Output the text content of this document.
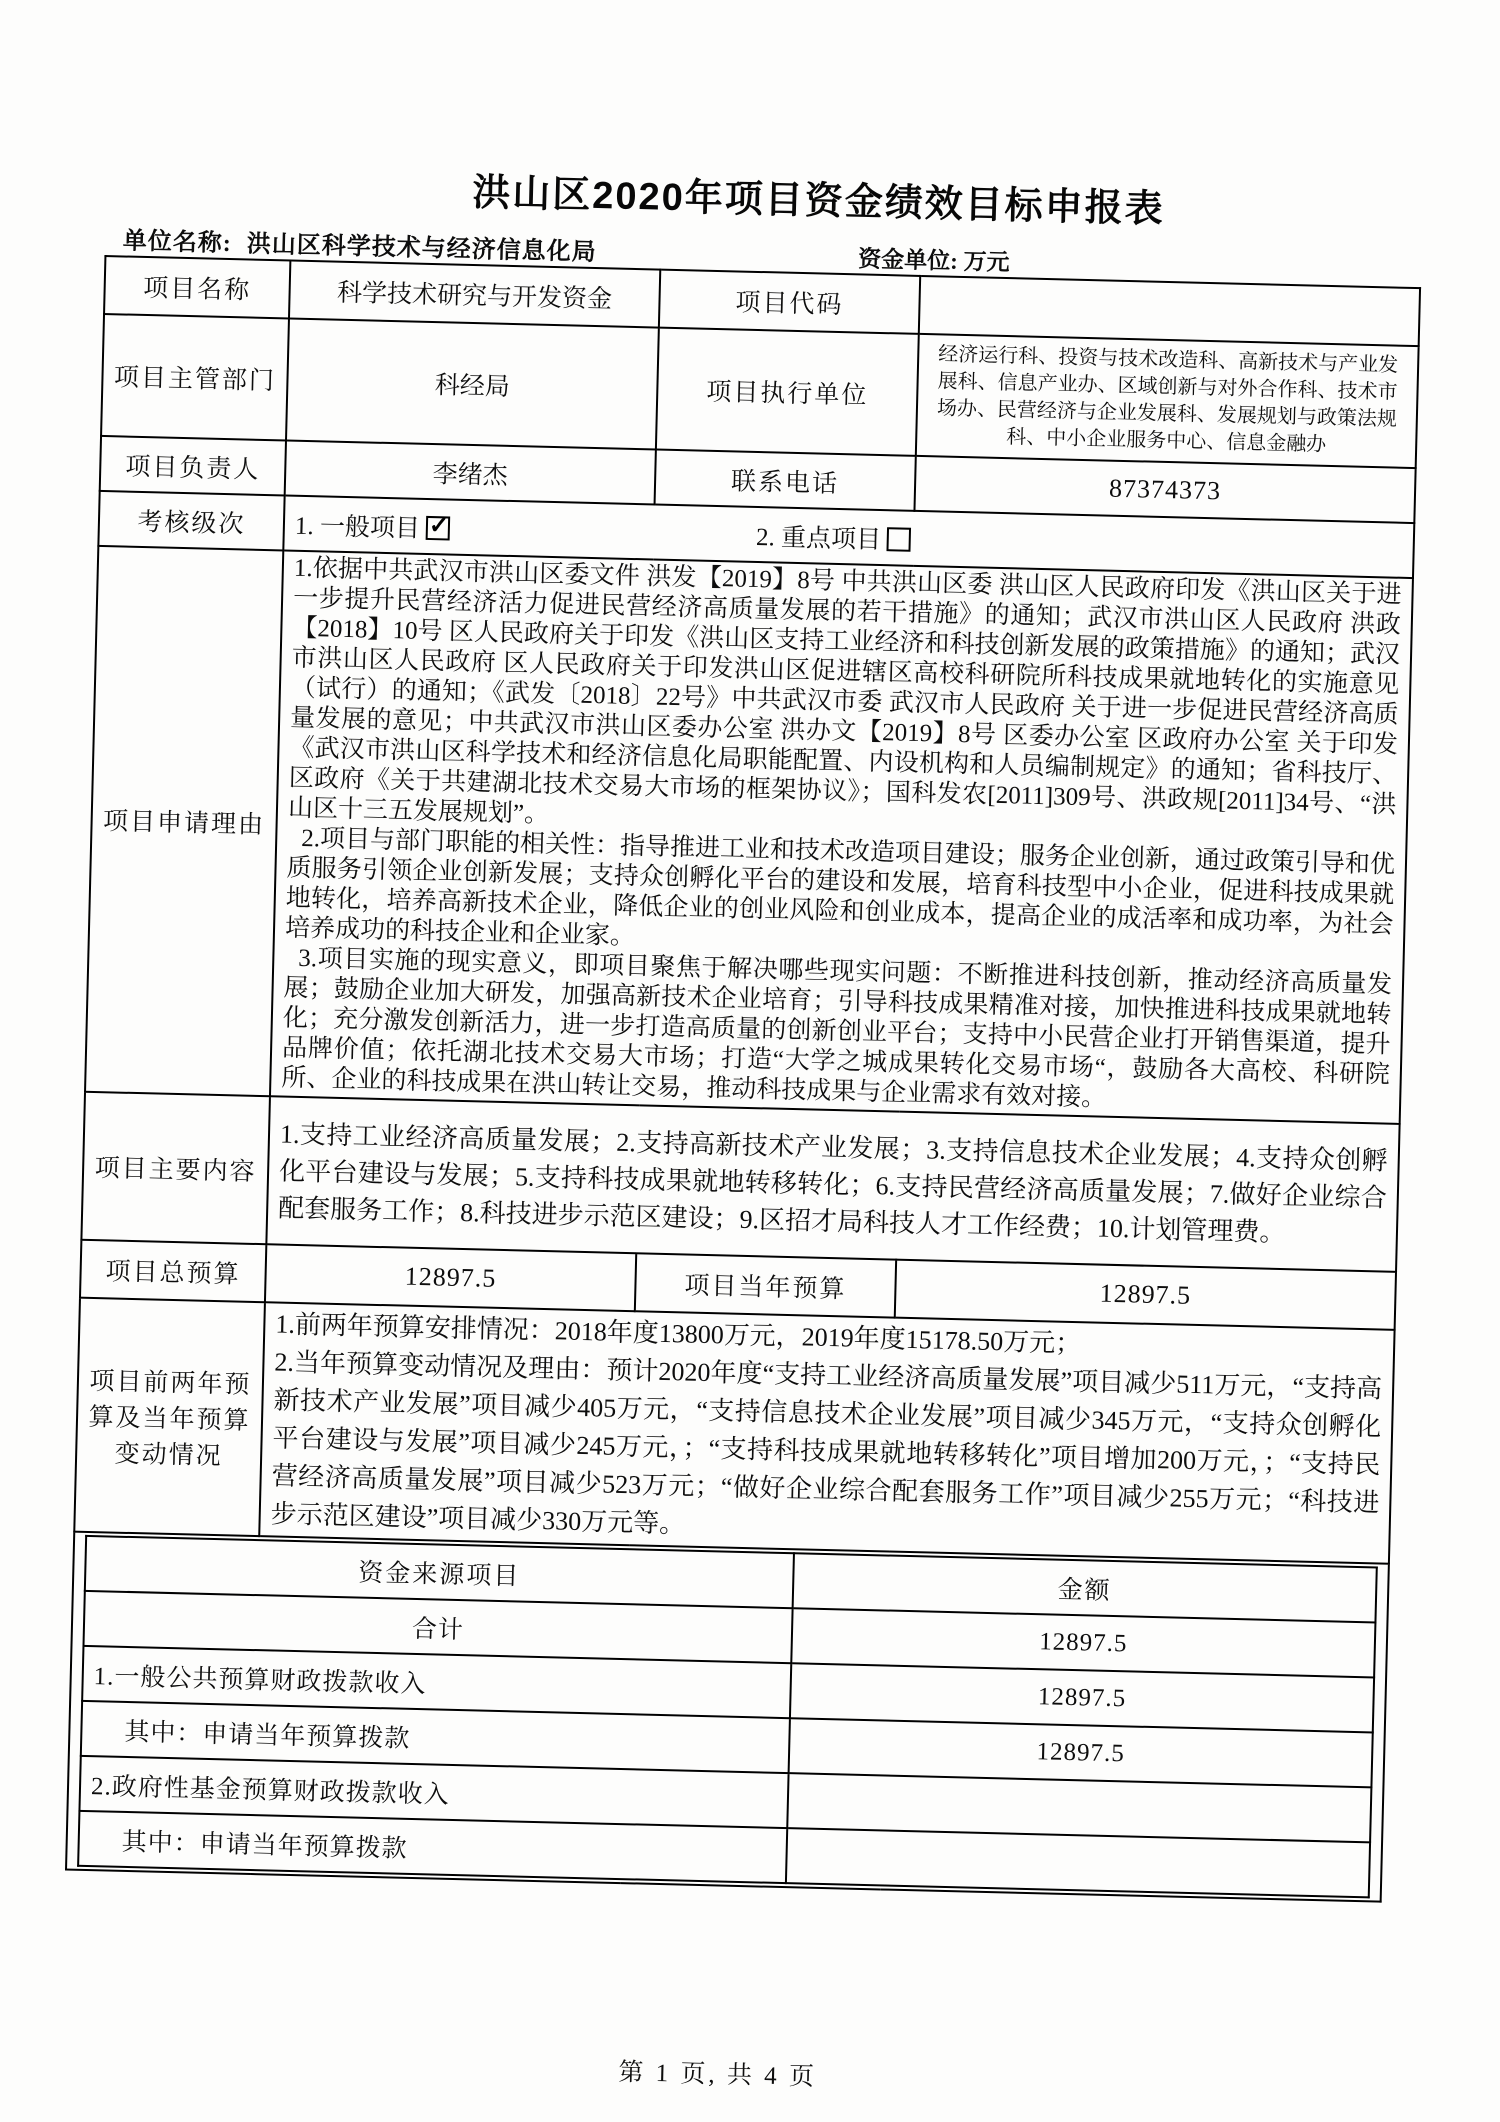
洪山区2020年项目资金绩效目标申报表
单位名称: 洪山区科学技术与经济信息化局	资金单位: 万元
项目名称	科学技术研究与开发资金	项目代码	
项目主管部门	科经局	项目执行单位	经济运行科、投资与技术改造科、高新技术与产业发展科、信息产业办、区域创新与对外合作科、技术市场办、民营经济与企业发展科、发展规划与政策法规科、中小企业服务中心、信息金融办
项目负责人	李绪杰	联系电话	87374373
考核级次	1. 一般项目 ✓	2. 重点项目
项目申请理由	

1.依据中共武汉市洪山区委文件 洪发【2019】8号 中共洪山区委 洪山区人民政府印发《洪山区关于进一步提升民营经济活力促进民营经济高质量发展的若干措施》的通知；武汉市洪山区人民政府 洪政【2018】10号 区人民政府关于印发《洪山区支持工业经济和科技创新发展的政策措施》的通知；武汉市洪山区人民政府 区人民政府关于印发洪山区促进辖区高校科研院所科技成果就地转化的实施意见（试行）的通知；《武发〔2018〕22号》中共武汉市委 武汉市人民政府 关于进一步促进民营经济高质量发展的意见；中共武汉市洪山区委办公室 洪办文【2019】8号 区委办公室 区政府办公室 关于印发《武汉市洪山区科学技术和经济信息化局职能配置、内设机构和人员编制规定》的通知；省科技厅、区政府《关于共建湖北技术交易大市场的框架协议》；国科发农[2011]309号、洪政规[2011]34号、“洪山区十三五发展规划”。

2.项目与部门职能的相关性：指导推进工业和技术改造项目建设；服务企业创新，通过政策引导和优质服务引领企业创新发展；支持众创孵化平台的建设和发展，培育科技型中小企业，促进科技成果就地转化，培养高新技术企业，降低企业的创业风险和创业成本，提高企业的成活率和成功率，为社会培养成功的科技企业和企业家。

3.项目实施的现实意义，即项目聚焦于解决哪些现实问题：不断推进科技创新，推动经济高质量发展；鼓励企业加大研发，加强高新技术企业培育；引导科技成果精准对接，加快推进科技成果就地转化；充分激发创新活力，进一步打造高质量的创新创业平台；支持中小民营企业打开销售渠道，提升品牌价值；依托湖北技术交易大市场；打造“大学之城成果转化交易市场“，鼓励各大高校、科研院所、企业的科技成果在洪山转让交易，推动科技成果与企业需求有效对接。

项目主要内容	1.支持工业经济高质量发展；2.支持高新技术产业发展；3.支持信息技术企业发展；4.支持众创孵化平台建设与发展；5.支持科技成果就地转移转化；6.支持民营经济高质量发展；7.做好企业综合配套服务工作；8.科技进步示范区建设；9.区招才局科技人才工作经费；10.计划管理费。

项目总预算	12897.5	项目当年预算	12897.5
项目前两年预算及当年预算变动情况	

1.前两年预算安排情况：2018年度13800万元，2019年度15178.50万元；

2.当年预算变动情况及理由：预计2020年度“支持工业经济高质量发展”项目减少511万元，“支持高新技术产业发展”项目减少405万元，“支持信息技术企业发展”项目减少345万元，“支持众创孵化平台建设与发展”项目减少245万元，；“支持科技成果就地转移转化”项目增加200万元，；“支持民营经济高质量发展”项目减少523万元；“做好企业综合配套服务工作”项目减少255万元；“科技进步示范区建设”项目减少330万元等。

资金来源项目	金额
合计	12897.5
1.一般公共预算财政拨款收入	12897.5
其中：申请当年预算拨款	12897.5
2.政府性基金预算财政拨款收入	
其中：申请当年预算拨款	
第 1 页, 共 4 页
